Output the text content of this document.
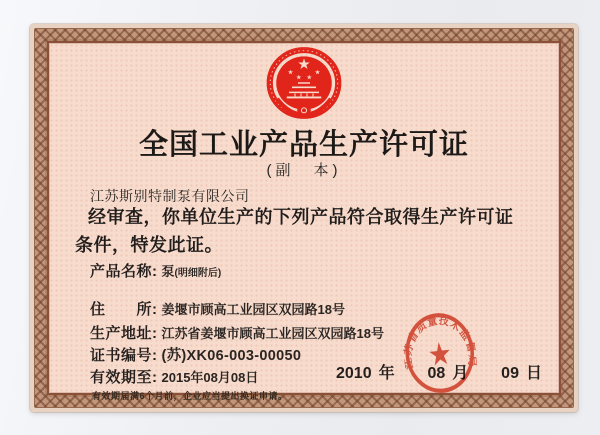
全国工业产品生产许可证
(副　本)
江苏斯别特制泵有限公司
经审查，你单位生产的下列产品符合取得生产许可证
条件，特发此证。
产品名称: 泵(明细附后)
住　　所: 姜堰市顾高工业园区双园路18号
生产地址: 江苏省姜堰市顾高工业园区双园路18号
证书编号: (苏)XK06-003-00050
有效期至: 2015年08月08日
有效期届满6个月前，企业应当提出换证申请。
2010 年 08 月 09 日
江苏省质量技术监督局
